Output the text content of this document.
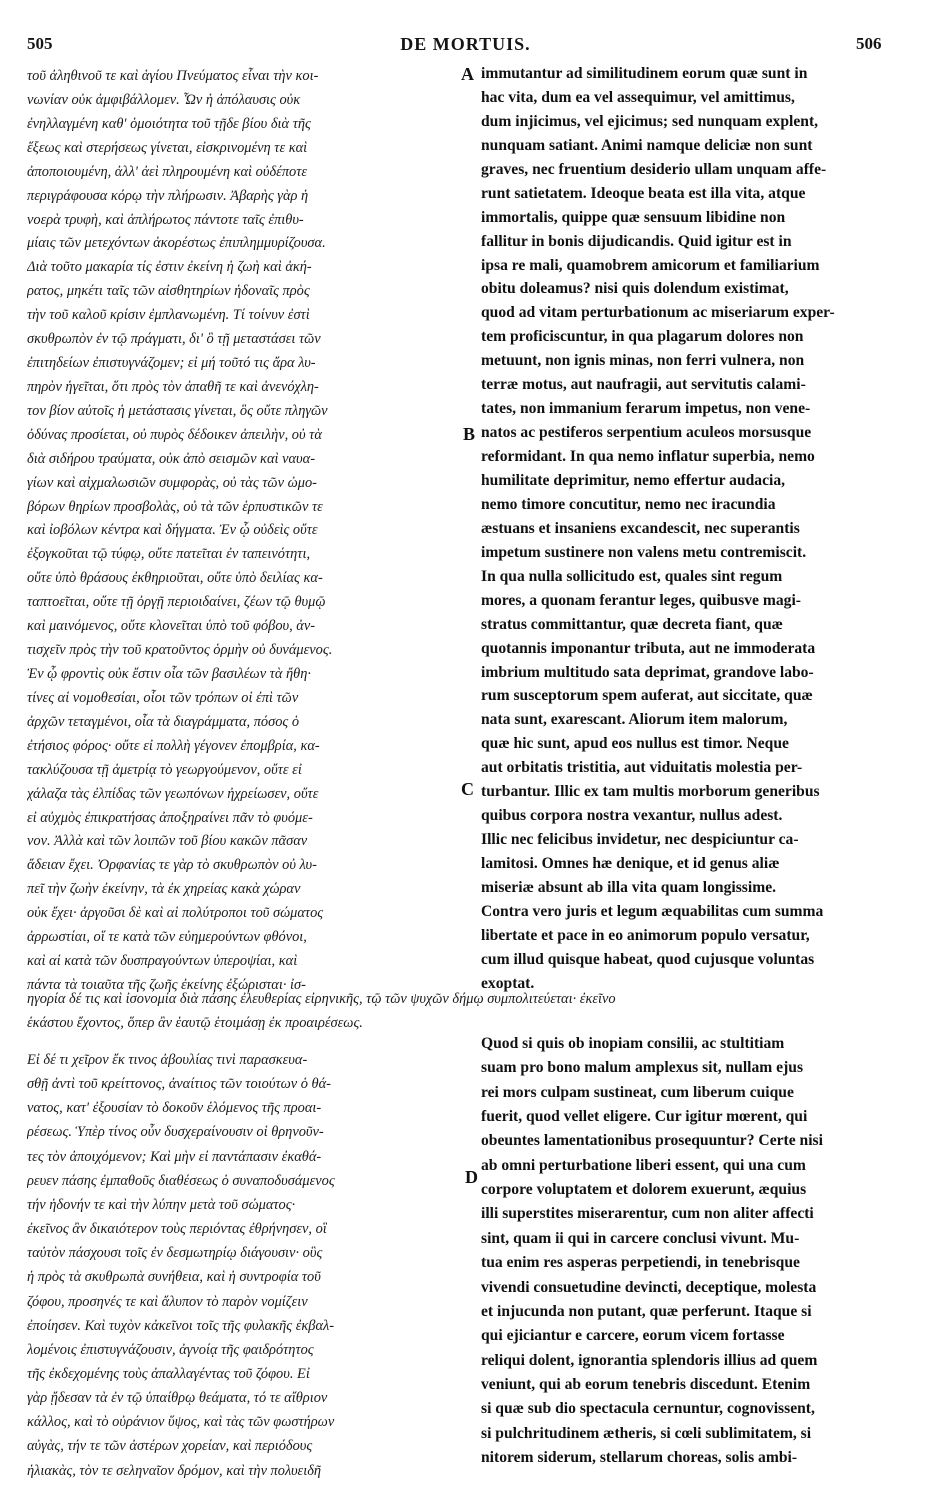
505	DE MORTUIS.	506
τοῦ ἀληθινοῦ τε καὶ ἁγίου Πνεύματος εἶναι τὴν κοι-
νωνίαν οὐκ ἀμφιβάλλομεν. Ὧν ἡ ἀπόλαυσις οὐκ
ἐνηλλαγμένη καθ' ὁμοιότητα τοῦ τῇδε βίου διὰ τῆς
ἕξεως καὶ στερήσεως γίνεται, εἰσκρινομένη τε καὶ
ἀποποιουμένη, ἀλλ' ἀεὶ πληρουμένη καὶ οὐδέποτε
περιγράφουσα κόρῳ τὴν πλήρωσιν. Ἀβαρὴς γὰρ ἡ
νοερὰ τρυφὴ, καὶ ἀπλήρωτος πάντοτε ταῖς ἐπιθυ-
μίαις τῶν μετεχόντων ἀκορέστως ἐπιπλημμυρίζουσα.
Διὰ τοῦτο μακαρία τίς ἐστιν ἐκείνη ἡ ζωὴ καὶ ἀκή-
ρατος, μηκέτι ταῖς τῶν αἰσθητηρίων ἡδοναῖς πρὸς
τὴν τοῦ καλοῦ κρίσιν ἐμπλανωμένη. Τί τοίνυν ἐστὶ
σκυθρωπὸν ἐν τῷ πράγματι, δι' ὃ τῇ μεταστάσει τῶν
ἐπιτηδείων ἐπιστυγνάζομεν; εἰ μή τοῦτό τις ἄρα λυ-
πηρὸν ἡγεῖται, ὅτι πρὸς τὸν ἀπαθῆ τε καὶ ἀνενόχλη-
τον βίον αὐτοῖς ἡ μετάστασις γίνεται, ὃς οὔτε πληγῶν
ὀδύνας προσίεται, οὐ πυρὸς δέδοικεν ἀπειλὴν, οὐ τὰ
διὰ σιδήρου τραύματα, οὐκ ἀπὸ σεισμῶν καὶ ναυα-
γίων καὶ αἰχμαλωσιῶν συμφορὰς, οὐ τὰς τῶν ὠμο-
βόρων θηρίων προσβολὰς, οὐ τὰ τῶν ἑρπυστικῶν τε
καὶ ἰοβόλων κέντρα καὶ δήγματα. Ἐν ᾧ οὐδεὶς οὔτε
ἐξογκοῦται τῷ τύφῳ, οὔτε πατεῖται ἐν ταπεινότητι,
οὔτε ὑπὸ θράσους ἐκθηριοῦται, οὔτε ὑπὸ δειλίας κα-
ταπτοεῖται, οὔτε τῇ ὀργῇ περιοιδαίνει, ζέων τῷ θυμῷ
καὶ μαινόμενος, οὔτε κλονεῖται ὑπὸ τοῦ φόβου, ἀν-
τισχεῖν πρὸς τὴν τοῦ κρατοῦντος ὁρμὴν οὐ δυνάμενος.
Ἐν ᾧ φροντὶς οὐκ ἔστιν οἷα τῶν βασιλέων τὰ ἤθη·
τίνες αἱ νομοθεσίαι, οἷοι τῶν τρόπων οἱ ἐπὶ τῶν
ἀρχῶν τεταγμένοι, οἷα τὰ διαγράμματα, πόσος ὁ
ἐτήσιος φόρος· οὔτε εἰ πολλὴ γέγονεν ἐπομβρία, κα-
τακλύζουσα τῇ ἀμετρίᾳ τὸ γεωργούμενον, οὔτε εἰ
χάλαζα τὰς ἐλπίδας τῶν γεωπόνων ἠχρείωσεν, οὔτε
εἰ αὐχμὸς ἐπικρατήσας ἀποξηραίνει πᾶν τὸ φυόμε-
νον. Ἀλλὰ καὶ τῶν λοιπῶν τοῦ βίου κακῶν πᾶσαν
ἄδειαν ἔχει. Ὀρφανίας τε γὰρ τὸ σκυθρωπὸν οὐ λυ-
πεῖ τὴν ζωὴν ἐκείνην, τὰ ἐκ χηρείας κακὰ χώραν
οὐκ ἔχει· ἀργοῦσι δὲ καὶ αἱ πολύτροποι τοῦ σώματος
ἀρρωστίαι, οἵ τε κατὰ τῶν εὐημερούντων φθόνοι,
καὶ αἱ κατὰ τῶν δυσπραγούντων ὑπεροψίαι, καὶ
πάντα τὰ τοιαῦτα τῆς ζωῆς ἐκείνης ἐξώρισται· ἰσ-
immutantur ad similitudinem eorum quæ sunt in
hac vita, dum ea vel assequimur, vel amittimus,
dum injicimus, vel ejicimus; sed nunquam explent,
nunquam satiant. Animi namque deliciæ non sunt
graves, nec fruentium desiderio ullam unquam affe-
runt satietatem. Ideoque beata est illa vita, atque
immortalis, quippe quæ sensuum libidine non
fallitur in bonis dijudicandis. Quid igitur est in
ipsa re mali, quamobrem amicorum et familiarium
obitu doleamus? nisi quis dolendum existimat,
quod ad vitam perturbationum ac miseriarum exper-
tem proficiscuntur, in qua plagarum dolores non
metuunt, non ignis minas, non ferri vulnera, non
terræ motus, aut naufragii, aut servitutis calami-
tates, non immanium ferarum impetus, non vene-
natos ac pestiferos serpentium aculeos morsusque
reformidant. In qua nemo inflatur superbia, nemo
humilitate deprimitur, nemo effertur audacia,
nemo timore concutitur, nemo nec iracundia
æstuans et insaniens excandescit, nec superantis
impetum sustinere non valens metu contremiscit.
In qua nulla sollicitudo est, quales sint regum
mores, a quonam ferantur leges, quibusve magi-
stratus committantur, quæ decreta fiant, quæ
quotannis imponantur tributa, aut ne immoderata
imbrium multitudo sata deprimat, grandove labo-
rum susceptorum spem auferat, aut siccitate, quæ
nata sunt, exarescant. Aliorum item malorum,
quæ hic sunt, apud eos nullus est timor. Neque
aut orbitatis tristitia, aut viduitatis molestia per-
turbantur. Illic ex tam multis morborum generibus
quibus corpora nostra vexantur, nullus adest.
Illic nec felicibus invidetur, nec despiciuntur ca-
lamitosi. Omnes hæ denique, et id genus aliæ
miseriæ absunt ab illa vita quam longissime.
Contra vero juris et legum æquabilitas cum summa
libertate et pace in eo animorum populo versatur,
cum illud quisque habeat, quod cujusque voluntas
exoptat.
ηγορία δέ τις καὶ ἰσονομία διὰ πάσης ἐλευθερίας εἰρηνικῆς, τῷ τῶν ψυχῶν δήμῳ συμπολιτεύεται· ἐκεῖνο
ἑκάστου ἔχοντος, ὅπερ ἂν ἑαυτῷ ἑτοιμάσῃ ἐκ προαιρέσεως.
Εἰ δέ τι χεῖρον ἔκ τινος ἀβουλίας τινὶ παρασκευα-
σθῇ ἀντὶ τοῦ κρείττονος, ἀναίτιος τῶν τοιούτων ὁ θά-
νατος, κατ' ἐξουσίαν τὸ δοκοῦν ἑλόμενος τῆς προαι-
ρέσεως. Ὑπὲρ τίνος οὖν δυσχεραίνουσιν οἱ θρηνοῦν-
τες τὸν ἀποιχόμενον; Καὶ μὴν εἰ παντάπασιν ἐκαθά-
ρευεν πάσης ἐμπαθοῦς διαθέσεως ὁ συναποδυσάμενος
τήν ἡδονήν τε καὶ τὴν λύπην μετὰ τοῦ σώματος·
ἐκεῖνος ἂν δικαιότερον τοὺς περιόντας ἐθρήνησεν, οἳ
ταὐτὸν πάσχουσι τοῖς ἐν δεσμωτηρίῳ διάγουσιν· οὓς
ἡ πρὸς τὰ σκυθρωπὰ συνήθεια, καὶ ἡ συντροφία τοῦ
ζόφου, προσηνές τε καὶ ἄλυπον τὸ παρὸν νομίζειν
ἐποίησεν. Καὶ τυχὸν κἀκεῖνοι τοῖς τῆς φυλακῆς ἐκβαλ-
λομένοις ἐπιστυγνάζουσιν, ἀγνοίᾳ τῆς φαιδρότητος
τῆς ἐκδεχομένης τοὺς ἀπαλλαγέντας τοῦ ζόφου. Εἰ
γὰρ ᾔδεσαν τὰ ἐν τῷ ὑπαίθρῳ θεάματα, τό τε αἴθριον
κάλλος, καὶ τὸ οὐράνιον ὕψος, καὶ τὰς τῶν φωστήρων
αὐγὰς, τήν τε τῶν ἀστέρων χορείαν, καὶ περιόδους
ἡλιακὰς, τὸν τε σεληναῖον δρόμον, καὶ τὴν πολυειδῆ
Quod si quis ob inopiam consilii, ac stultitiam
suam pro bono malum amplexus sit, nullam ejus
rei mors culpam sustineat, cum liberum cuique
fuerit, quod vellet eligere. Cur igitur mœrent, qui
obeuntes lamentationibus prosequuntur? Certe nisi
ab omni perturbatione liberi essent, qui una cum
corpore voluptatem et dolorem exuerunt, æquius
illi superstites miserarentur, cum non aliter affecti
sint, quam ii qui in carcere conclusi vivunt. Mu-
tua enim res asperas perpetiendi, in tenebrisque
vivendi consuetudine devincti, deceptique, molesta
et injucunda non putant, quæ perferunt. Itaque si
qui ejiciantur e carcere, eorum vicem fortasse
reliqui dolent, ignorantia splendoris illius ad quem
veniunt, qui ab eorum tenebris discedunt. Etenim
si quæ sub dio spectacula cernuntur, cognovissent,
si pulchritudinem ætheris, si cœli sublimitatem, si
nitorem siderum, stellarum choreas, solis ambi-
A
B
C
D
